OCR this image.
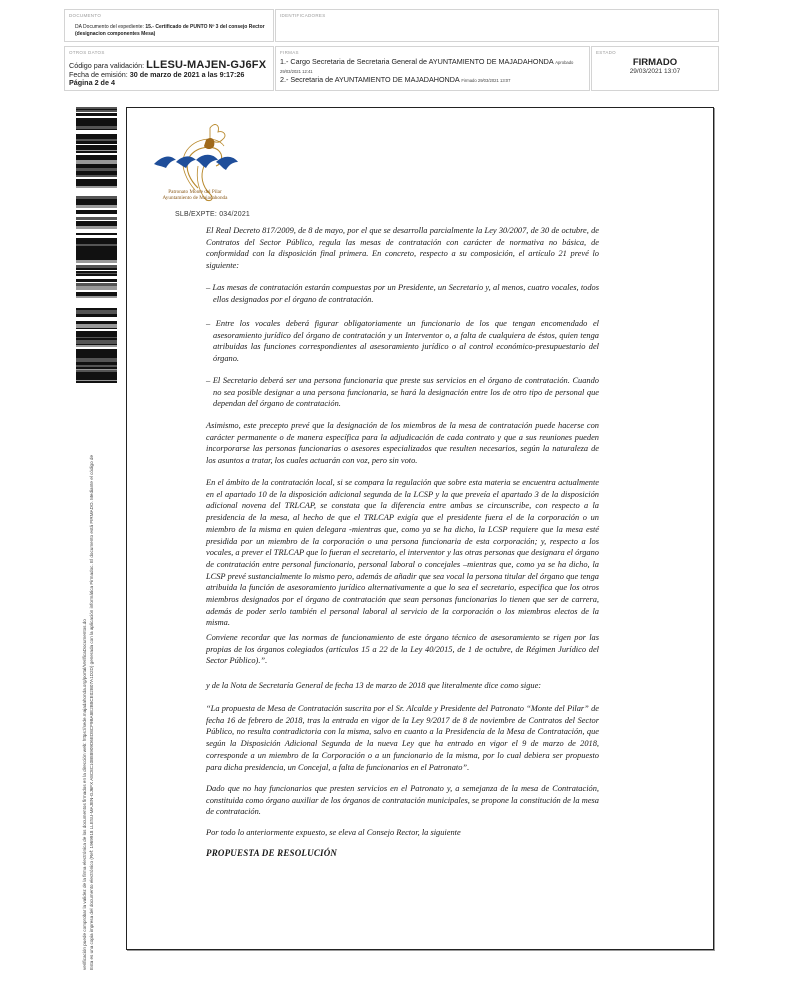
DOCUMENTO
DA Documento del expediente: 15.- Certificado de PUNTO Nº 3 del consejo Rector (designacion componentes Mesa)
IDENTIFICADORES
OTROS DATOS
Código para validación: LLESU-MAJEN-GJ6FX
Fecha de emisión: 30 de marzo de 2021 a las 9:17:26
Página 2 de 4
FIRMAS
1.- Cargo Secretaria de Secretaria General de AYUNTAMIENTO DE MAJADAHONDA Aprobado 29/03/2021 12:41
2.- Secretaria de AYUNTAMIENTO DE MAJADAHONDA Firmado 29/03/2021 13:07
ESTADO
FIRMADO
29/03/2021 13:07
verificación puede comprobar la validez de la firma electrónica de los documentos firmados en la dirección web: https://sede.majadahonda.org/portal/VerificaDocumentos.do Esta es una copia impresa del documento electrónico (Ref: 1969918 LLESU-MAJEN-GJ6FX A8C8C10B88909D6ED8CF9BA8E2B8CE02B07A1D2D) generada con la aplicación informática Firmadoc. El documento está FIRMADO. Mediante el código de
Patronato Monte del Pilar
Ayuntamiento de Majadahonda
SLB/EXPTE: 034/2021
El Real Decreto 817/2009, de 8 de mayo, por el que se desarrolla parcialmente la Ley 30/2007, de 30 de octubre, de Contratos del Sector Público, regula las mesas de contratación con carácter de normativa no básica, de conformidad con la disposición final primera. En concreto, respecto a su composición, el artículo 21 prevé lo siguiente:
– Las mesas de contratación estarán compuestas por un Presidente, un Secretario y, al menos, cuatro vocales, todos ellos designados por el órgano de contratación.
– Entre los vocales deberá figurar obligatoriamente un funcionario de los que tengan encomendado el asesoramiento jurídico del órgano de contratación y un Interventor o, a falta de cualquiera de éstos, quien tenga atribuidas las funciones correspondientes al asesoramiento jurídico o al control económico-presupuestario del órgano.
– El Secretario deberá ser una persona funcionaria que preste sus servicios en el órgano de contratación. Cuando no sea posible designar a una persona funcionaria, se hará la designación entre los de otro tipo de personal que dependan del órgano de contratación.
Asimismo, este precepto prevé que la designación de los miembros de la mesa de contratación puede hacerse con carácter permanente o de manera específica para la adjudicación de cada contrato y que a sus reuniones pueden incorporarse las personas funcionarias o asesores especializados que resulten necesarios, según la naturaleza de los asuntos a tratar, los cuales actuarán con voz, pero sin voto.
En el ámbito de la contratación local, si se compara la regulación que sobre esta materia se encuentra actualmente en el apartado 10 de la disposición adicional segunda de la LCSP y la que preveía el apartado 3 de la disposición adicional novena del TRLCAP, se constata que la diferencia entre ambas se circunscribe, con respecto a la presidencia de la mesa, al hecho de que el TRLCAP exigía que el presidente fuera el de la corporación o un miembro de la misma en quien delegara -mientras que, como ya se ha dicho, la LCSP requiere que la mesa esté presidida por un miembro de la corporación o una persona funcionaria de esta corporación; y, respecto a los vocales, a prever el TRLCAP que lo fueran el secretario, el interventor y las otras personas que designara el órgano de contratación entre personal funcionario, personal laboral o concejales –mientras que, como ya se ha dicho, la LCSP prevé sustancialmente lo mismo pero, además de añadir que sea vocal la persona titular del órgano que tenga atribuida la función de asesoramiento jurídico alternativamente a que lo sea el secretario, especifica que los otros miembros designados por el órgano de contratación que sean personas funcionarias lo tienen que ser de carrera, además de poder serlo también el personal laboral al servicio de la corporación o los miembros electos de la misma.
Conviene recordar que las normas de funcionamiento de este órgano técnico de asesoramiento se rigen por las propias de los órganos colegiados (artículos 15 a 22 de la Ley 40/2015, de 1 de octubre, de Régimen Jurídico del Sector Público).”.
y de la Nota de Secretaría General de fecha 13 de marzo de 2018 que literalmente dice como sigue:
“La propuesta de Mesa de Contratación suscrita por el Sr. Alcalde y Presidente del Patronato “Monte del Pilar” de fecha 16 de febrero de 2018, tras la entrada en vigor de la Ley 9/2017 de 8 de noviembre de Contratos del Sector Público, no resulta contradictoria con la misma, salvo en cuanto a la Presidencia de la Mesa de Contratación, que según la Disposición Adicional Segunda de la nueva Ley que ha entrado en vigor el 9 de marzo de 2018, corresponde a un miembro de la Corporación o a un funcionario de la misma, por lo cual debiera ser propuesto para dicha presidencia, un Concejal, a falta de funcionarios en el Patronato”.
Dado que no hay funcionarios que presten servicios en el Patronato y, a semejanza de la mesa de Contratación, constituida como órgano auxiliar de los órganos de contratación municipales, se propone la constitución de la mesa de contratación.
Por todo lo anteriormente expuesto, se eleva al Consejo Rector, la siguiente
PROPUESTA DE RESOLUCIÓN
